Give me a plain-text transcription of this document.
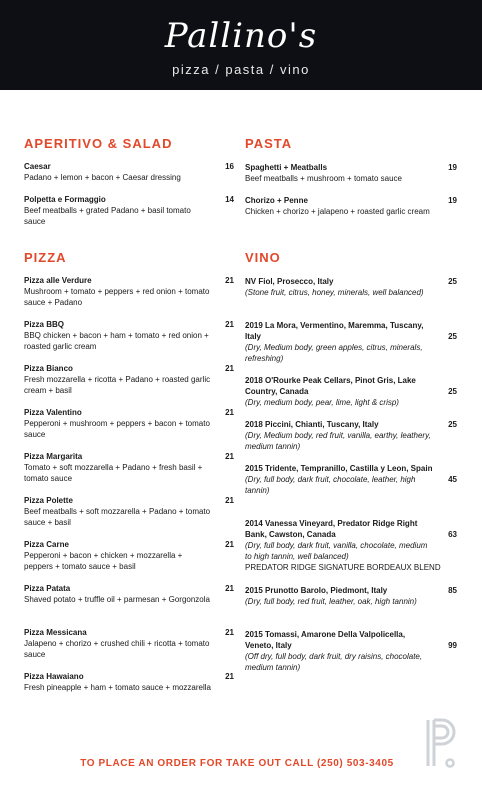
Pallino's
pizza / pasta / vino
APERITIVO & SALAD
16
Caesar
Padano + lemon + bacon + Caesar dressing
14
Polpetta e Formaggio
Beef meatballs + grated Padano + basil tomato sauce
PIZZA
21
Pizza alle Verdure
Mushroom + tomato + peppers + red onion + tomato sauce + Padano
21
Pizza BBQ
BBQ chicken + bacon + ham + tomato + red onion + roasted garlic cream
21
Pizza Bianco
Fresh mozzarella + ricotta + Padano + roasted garlic cream + basil
21
Pizza Valentino
Pepperoni + mushroom + peppers + bacon + tomato sauce
21
Pizza Margarita
Tomato + soft mozzarella + Padano + fresh basil + tomato sauce
21
Pizza Polette
Beef meatballs + soft mozzarella + Padano + tomato sauce + basil
21
Pizza Carne
Pepperoni + bacon + chicken + mozzarella + peppers + tomato sauce + basil
21
Pizza Patata
Shaved potato + truffle oil + parmesan + Gorgonzola
21
Pizza Messicana
Jalapeno + chorizo + crushed chili + ricotta + tomato sauce
21
Pizza Hawaiano
Fresh pineapple + ham + tomato sauce + mozzarella
PASTA
19
Spaghetti + Meatballs
Beef meatballs + mushroom + tomato sauce
19
Chorizo + Penne
Chicken + chorizo + jalapeno + roasted garlic cream
VINO
25
NV Fiol, Prosecco, Italy
(Stone fruit, citrus, honey, minerals, well balanced)
25
2019 La Mora, Vermentino, Maremma, Tuscany, Italy
(Dry, Medium body, green apples, citrus, minerals, refreshing)
25
2018 O'Rourke Peak Cellars, Pinot Gris, Lake Country, Canada
(Dry, medium body, pear, lime, light & crisp)
25
2018 Piccini, Chianti, Tuscany, Italy
(Dry, Medium body, red fruit, vanilla, earthy, leathery, medium tannin)
45
2015 Tridente, Tempranillo, Castilla y Leon, Spain
(Dry, full body, dark fruit, chocolate, leather, high tannin)
63
2014 Vanessa Vineyard, Predator Ridge Right Bank, Cawston, Canada
(Dry, full body, dark fruit, vanilla, chocolate, medium to high tannin, well balanced)
PREDATOR RIDGE SIGNATURE BORDEAUX BLEND
85
2015 Prunotto Barolo, Piedmont, Italy
(Dry, full body, red fruit, leather, oak, high tannin)
99
2015 Tomassi, Amarone Della Valpolicella, Veneto, Italy
(Off dry, full body, dark fruit, dry raisins, chocolate, medium tannin)
TO PLACE AN ORDER FOR TAKE OUT CALL (250) 503-3405
